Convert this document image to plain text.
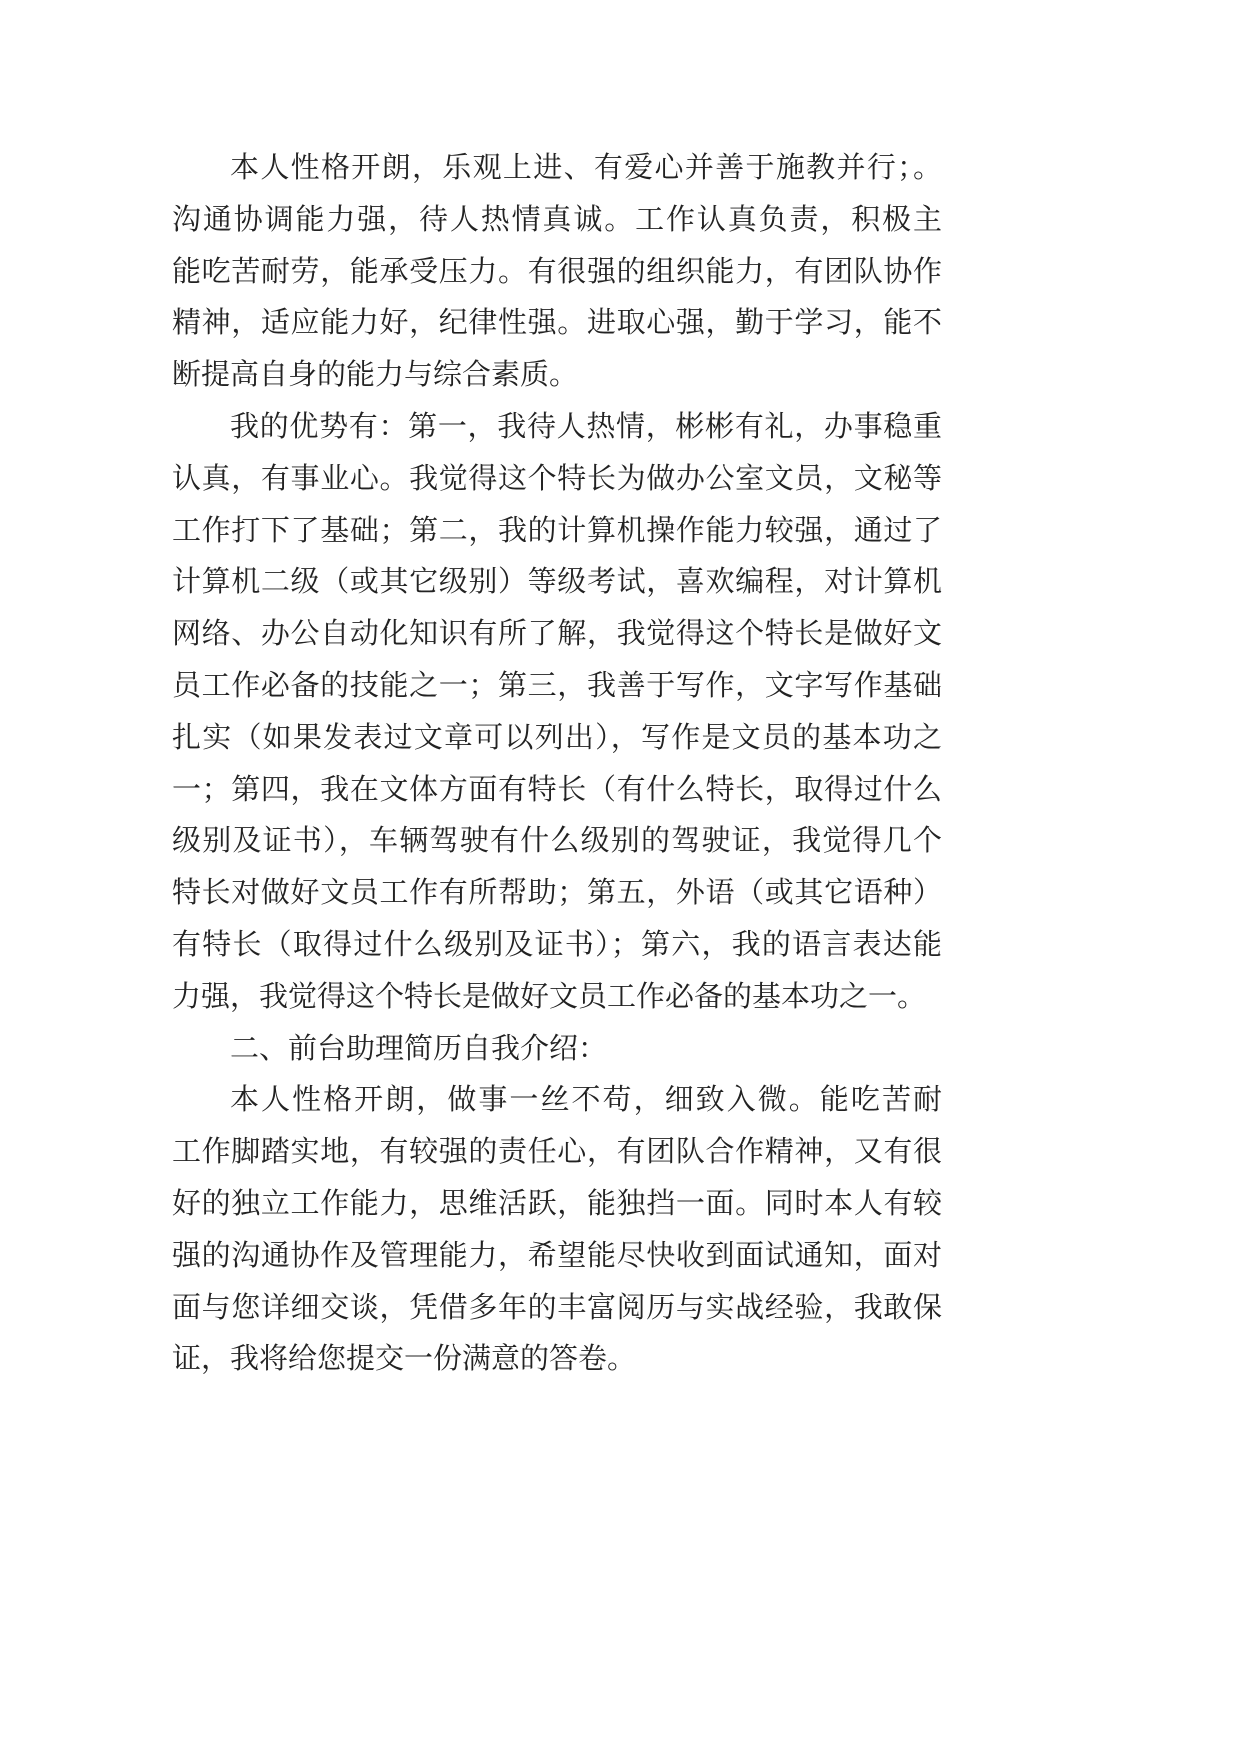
本人性格开朗，乐观上进、有爱心并善于施教并行；。
沟通协调能力强，待人热情真诚。工作认真负责，积极主
能吃苦耐劳，能承受压力。有很强的组织能力，有团队协作
精神，适应能力好，纪律性强。进取心强，勤于学习，能不
断提高自身的能力与综合素质。
我的优势有：第一，我待人热情，彬彬有礼，办事稳重
认真，有事业心。我觉得这个特长为做办公室文员，文秘等
工作打下了基础；第二，我的计算机操作能力较强，通过了
计算机二级（或其它级别）等级考试，喜欢编程，对计算机
网络、办公自动化知识有所了解，我觉得这个特长是做好文
员工作必备的技能之一；第三，我善于写作，文字写作基础
扎实（如果发表过文章可以列出），写作是文员的基本功之
一；第四，我在文体方面有特长（有什么特长，取得过什么
级别及证书），车辆驾驶有什么级别的驾驶证，我觉得几个
特长对做好文员工作有所帮助；第五，外语（或其它语种）
有特长（取得过什么级别及证书）；第六，我的语言表达能
力强，我觉得这个特长是做好文员工作必备的基本功之一。
二、前台助理简历自我介绍：
本人性格开朗，做事一丝不苟，细致入微。能吃苦耐
工作脚踏实地，有较强的责任心，有团队合作精神，又有很
好的独立工作能力，思维活跃，能独挡一面。同时本人有较
强的沟通协作及管理能力，希望能尽快收到面试通知，面对
面与您详细交谈，凭借多年的丰富阅历与实战经验，我敢保
证，我将给您提交一份满意的答卷。
